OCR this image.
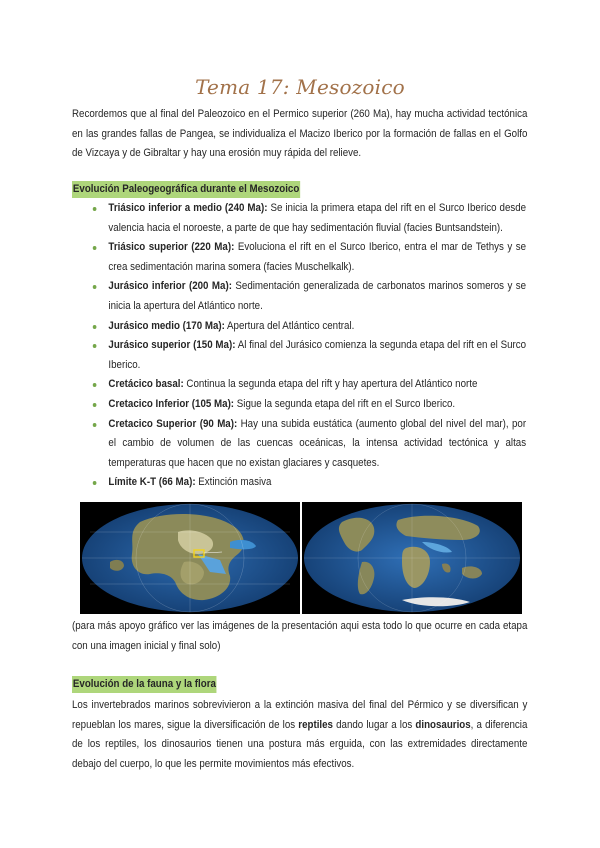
Tema 17: Mesozoico

Recordemos que al final del Paleozoico en el Permico superior (260 Ma), hay mucha actividad tectónica en las grandes fallas de Pangea, se individualiza el Macizo Iberico por la formación de fallas en el Golfo de Vizcaya y de Gibraltar y hay una erosión muy rápida del relieve.

Evolución Paleogeográfica durante el Mesozoico
Triásico inferior a medio (240 Ma): Se inicia la primera etapa del rift en el Surco Iberico desde valencia hacia el noroeste, a parte de que hay sedimentación fluvial (facies Buntsandstein).
Triásico superior (220 Ma): Evoluciona el rift en el Surco Iberico, entra el mar de Tethys y se crea sedimentación marina somera (facies Muschelkalk).
Jurásico inferior (200 Ma): Sedimentación generalizada de carbonatos marinos someros y se inicia la apertura del Atlántico norte.
Jurásico medio (170 Ma): Apertura del Atlántico central.
Jurásico superior (150 Ma): Al final del Jurásico comienza la segunda etapa del rift en el Surco Iberico.
Cretácico basal: Continua la segunda etapa del rift y hay apertura del Atlántico norte
Cretacico Inferior (105 Ma): Sigue la segunda etapa del rift en el Surco Iberico.
Cretacico Superior (90 Ma): Hay una subida eustática (aumento global del nivel del mar), por el cambio de volumen de las cuencas oceánicas, la intensa actividad tectónica y altas temperaturas que hacen que no existan glaciares y casquetes.
Límite K-T (66 Ma): Extinción masiva

(para más apoyo gráfico ver las imágenes de la presentación aqui esta todo lo que ocurre en cada etapa con una imagen inicial y final solo)

Evolución de la fauna y la flora

Los invertebrados marinos sobrevivieron a la extinción masiva del final del Pérmico y se diversifican y repueblan los mares, sigue la diversificación de los reptiles dando lugar a los dinosaurios, a diferencia de los reptiles, los dinosaurios tienen una postura más erguida, con las extremidades directamente debajo del cuerpo, lo que les permite movimientos más efectivos.
